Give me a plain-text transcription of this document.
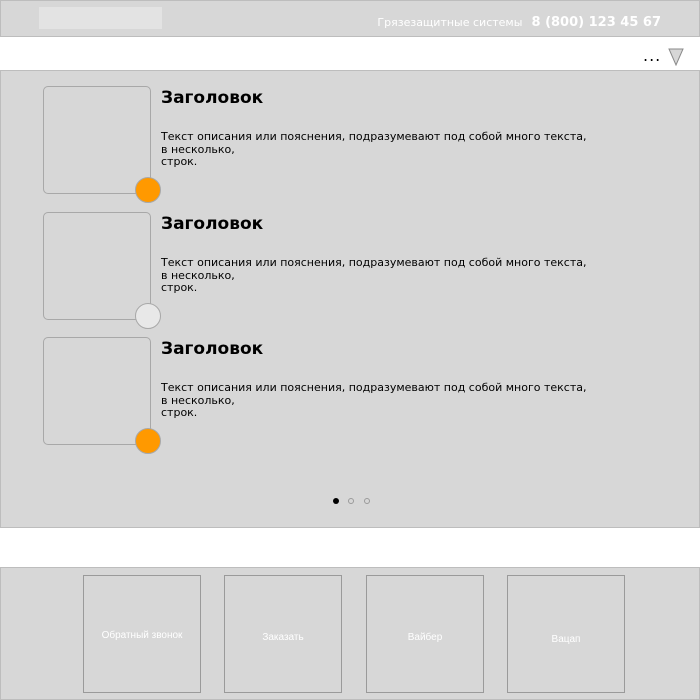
Грязезащитные системы 8 (800) 123 45 67
...
Заголовок
Текст описания или пояснения, подразумевают под собой много текста,
в несколько,
строк.
Заголовок
Текст описания или пояснения, подразумевают под собой много текста,
в несколько,
строк.
Заголовок
Текст описания или пояснения, подразумевают под собой много текста,
в несколько,
строк.
Обратный звонок	Заказать	Вайбер	Вацап
